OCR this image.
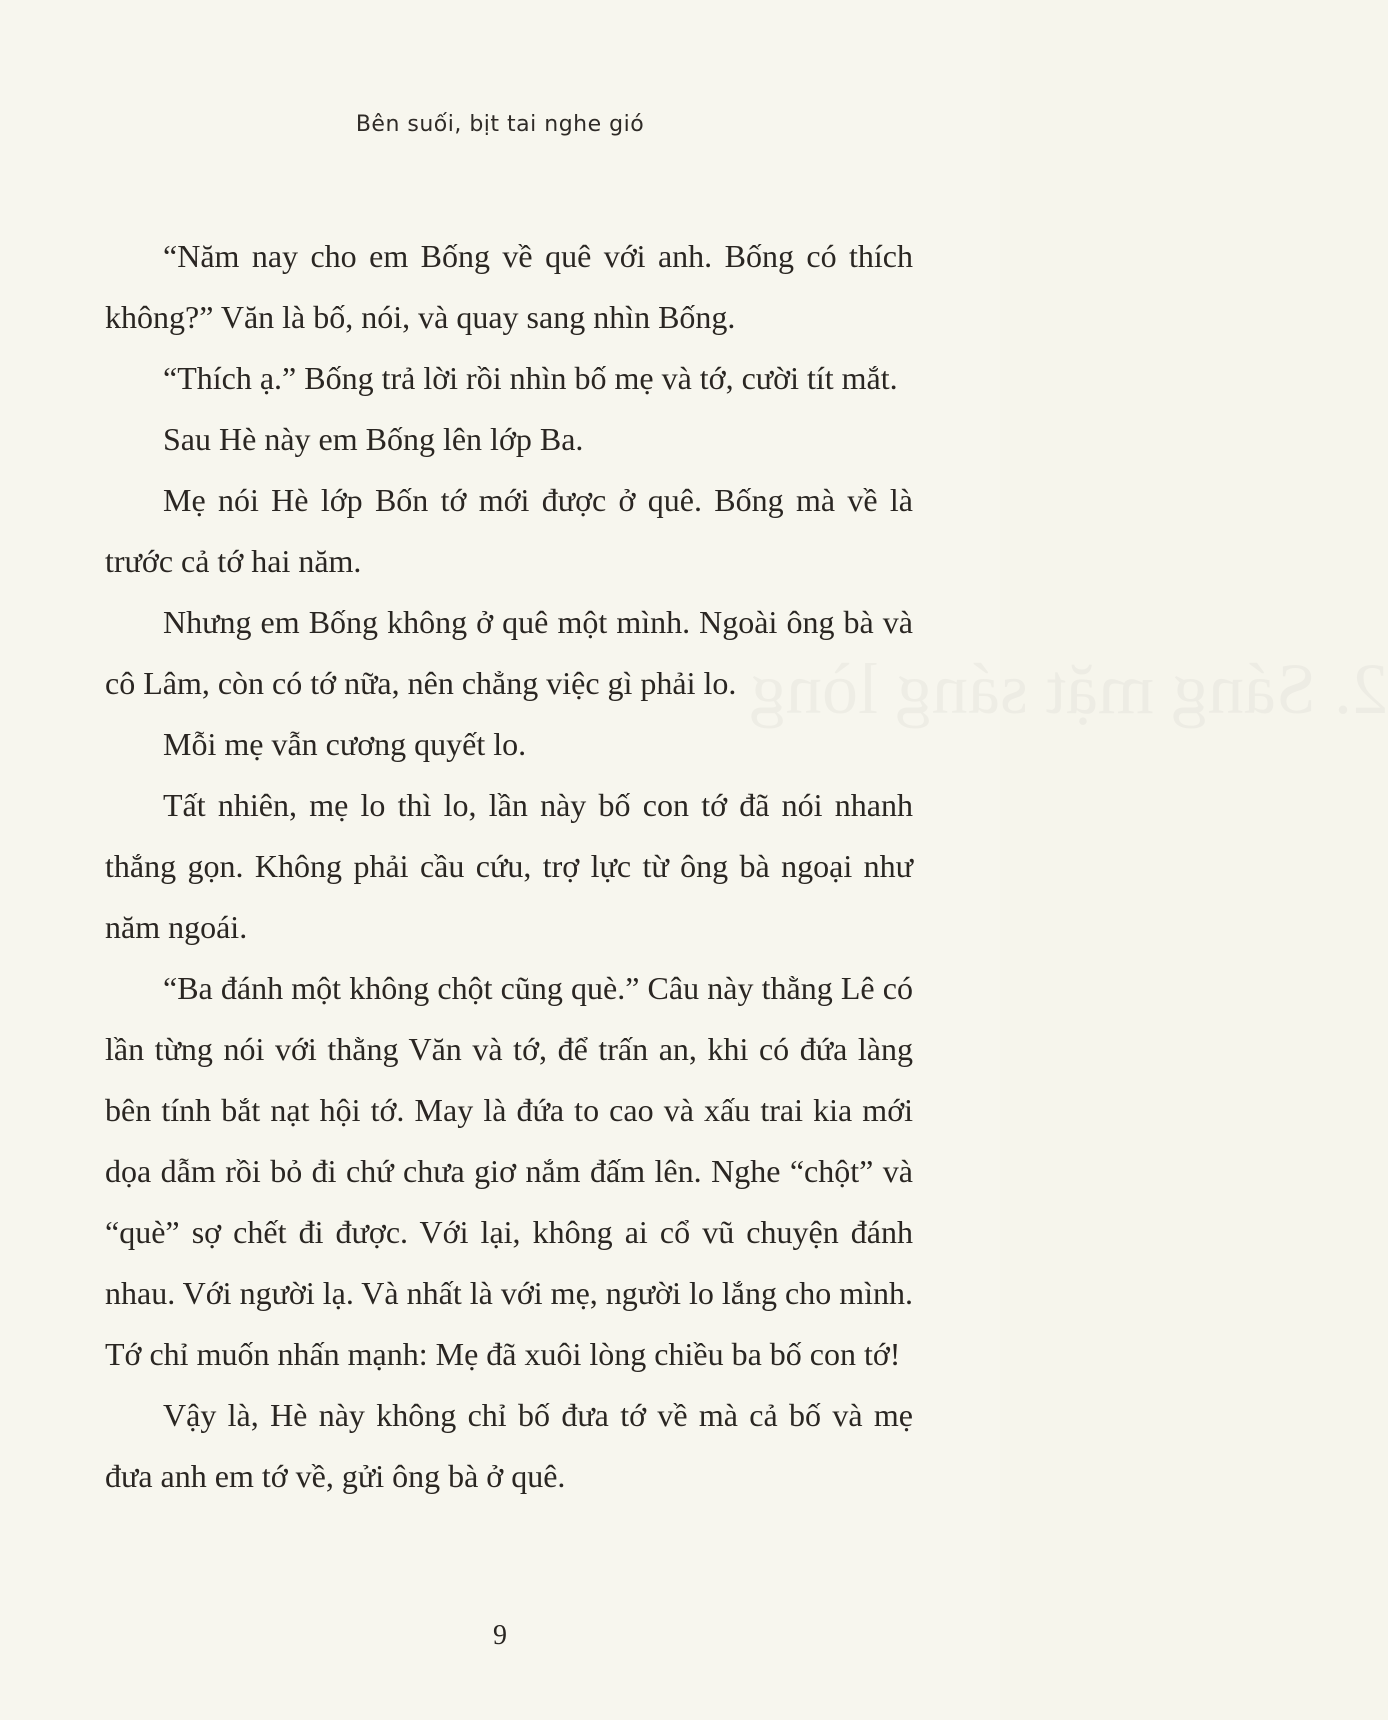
Bên suối, bịt tai nghe gió
2. Sáng mặt sáng lòng

“Năm nay cho em Bống về quê với anh. Bống có thích không?” Văn là bố, nói, và quay sang nhìn Bống.

“Thích ạ.” Bống trả lời rồi nhìn bố mẹ và tớ, cười tít mắt.

Sau Hè này em Bống lên lớp Ba.

Mẹ nói Hè lớp Bốn tớ mới được ở quê. Bống mà về là trước cả tớ hai năm.

Nhưng em Bống không ở quê một mình. Ngoài ông bà và cô Lâm, còn có tớ nữa, nên chẳng việc gì phải lo.

Mỗi mẹ vẫn cương quyết lo.

Tất nhiên, mẹ lo thì lo, lần này bố con tớ đã nói nhanh thắng gọn. Không phải cầu cứu, trợ lực từ ông bà ngoại như năm ngoái.

“Ba đánh một không chột cũng què.” Câu này thằng Lê có lần từng nói với thằng Văn và tớ, để trấn an, khi có đứa làng bên tính bắt nạt hội tớ. May là đứa to cao và xấu trai kia mới dọa dẫm rồi bỏ đi chứ chưa giơ nắm đấm lên. Nghe “chột” và “què” sợ chết đi được. Với lại, không ai cổ vũ chuyện đánh nhau. Với người lạ. Và nhất là với mẹ, người lo lắng cho mình. Tớ chỉ muốn nhấn mạnh: Mẹ đã xuôi lòng chiều ba bố con tớ!

Vậy là, Hè này không chỉ bố đưa tớ về mà cả bố và mẹ đưa anh em tớ về, gửi ông bà ở quê.

9
